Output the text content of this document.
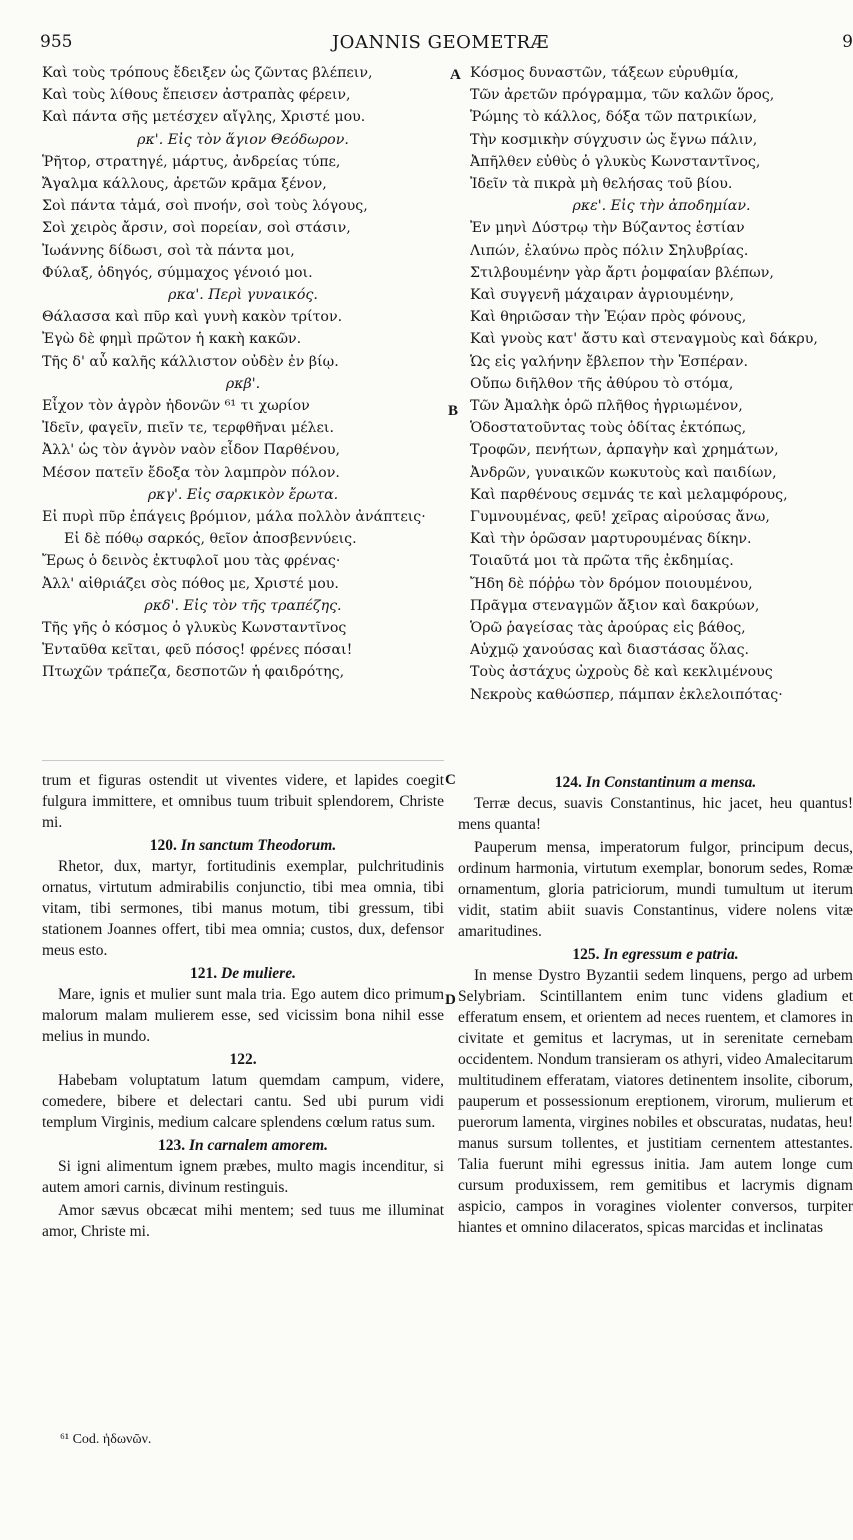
955	JOANNIS GEOMETRÆ	9
A
B
C
D
Καὶ τοὺς τρόπους ἔδειξεν ὡς ζῶντας βλέπειν,
Καὶ τοὺς λίθους ἔπεισεν ἀστραπὰς φέρειν,
Καὶ πάντα σῆς μετέσχεν αἴγλης, Χριστέ μου.
ρκ'. Εἰς τὸν ἅγιον Θεόδωρον.
Ῥῆτορ, στρατηγέ, μάρτυς, ἀνδρείας τύπε,
Ἄγαλμα κάλλους, ἀρετῶν κρᾶμα ξένον,
Σοὶ πάντα τἀμά, σοὶ πνοήν, σοὶ τοὺς λόγους,
Σοὶ χειρὸς ἄρσιν, σοὶ πορείαν, σοὶ στάσιν,
Ἰωάννης δίδωσι, σοὶ τὰ πάντα μοι,
Φύλαξ, ὁδηγός, σύμμαχος γένοιό μοι.
ρκα'. Περὶ γυναικός.
Θάλασσα καὶ πῦρ καὶ γυνὴ κακὸν τρίτον.
Ἐγὼ δὲ φημὶ πρῶτον ἡ κακὴ κακῶν.
Τῆς δ' αὖ καλῆς κάλλιστον οὐδὲν ἐν βίῳ.
ρκβ'.
Εἶχον τὸν ἀγρὸν ἡδονῶν ⁶¹ τι χωρίον
Ἰδεῖν, φαγεῖν, πιεῖν τε, τερφθῆναι μέλει.
Ἀλλ' ὡς τὸν ἁγνὸν ναὸν εἶδον Παρθένου,
Μέσον πατεῖν ἔδοξα τὸν λαμπρὸν πόλον.
ρκγ'. Εἰς σαρκικὸν ἔρωτα.
Εἰ πυρὶ πῦρ ἐπάγεις βρόμιον, μάλα πολλὸν ἀνάπτεις·
Εἰ δὲ πόθῳ σαρκός, θεῖον ἀποσβεννύεις.
Ἔρως ὁ δεινὸς ἐκτυφλοῖ μου τὰς φρένας·
Ἀλλ' αἰθριάζει σὸς πόθος με, Χριστέ μου.
ρκδ'. Εἰς τὸν τῆς τραπέζης.
Τῆς γῆς ὁ κόσμος ὁ γλυκὺς Κωνσταντῖνος
Ἐνταῦθα κεῖται, φεῦ πόσος! φρένες πόσαι!
Πτωχῶν τράπεζα, δεσποτῶν ἡ φαιδρότης,
Κόσμος δυναστῶν, τάξεων εὐρυθμία,
Τῶν ἀρετῶν πρόγραμμα, τῶν καλῶν ὅρος,
Ῥώμης τὸ κάλλος, δόξα τῶν πατρικίων,
Τὴν κοσμικὴν σύγχυσιν ὡς ἔγνω πάλιν,
Ἀπῆλθεν εὐθὺς ὁ γλυκὺς Κωνσταντῖνος,
Ἰδεῖν τὰ πικρὰ μὴ θελήσας τοῦ βίου.
ρκε'. Εἰς τὴν ἀποδημίαν.
Ἐν μηνὶ Δύστρῳ τὴν Βύζαντος ἑστίαν
Λιπών, ἐλαύνω πρὸς πόλιν Σηλυβρίας.
Στιλβουμένην γὰρ ἄρτι ῥομφαίαν βλέπων,
Καὶ συγγενῆ μάχαιραν ἀγριουμένην,
Καὶ θηριῶσαν τὴν Ἑῴαν πρὸς φόνους,
Καὶ γνοὺς κατ' ἄστυ καὶ στεναγμοὺς καὶ δάκρυ,
Ὡς εἰς γαλήνην ἔβλεπον τὴν Ἑσπέραν.
Οὔπω διῆλθον τῆς ἀθύρου τὸ στόμα,
Τῶν Ἀμαλὴκ ὁρῶ πλῆθος ἠγριωμένον,
Ὁδοστατοῦντας τοὺς ὁδίτας ἐκτόπως,
Τροφῶν, πενήτων, ἁρπαγὴν καὶ χρημάτων,
Ἀνδρῶν, γυναικῶν κωκυτοὺς καὶ παιδίων,
Καὶ παρθένους σεμνάς τε καὶ μελαμφόρους,
Γυμνουμένας, φεῦ! χεῖρας αἰρούσας ἄνω,
Καὶ τὴν ὁρῶσαν μαρτυρουμένας δίκην.
Τοιαῦτά μοι τὰ πρῶτα τῆς ἐκδημίας.
Ἤδη δὲ πόῤῥω τὸν δρόμον ποιουμένου,
Πρᾶγμα στεναγμῶν ἄξιον καὶ δακρύων,
Ὁρῶ ῥαγείσας τὰς ἀρούρας εἰς βάθος,
Αὐχμῷ χανούσας καὶ διαστάσας ὅλας.
Τοὺς ἀστάχυς ὠχροὺς δὲ καὶ κεκλιμένους
Νεκροὺς καθώσπερ, πάμπαν ἐκλελοιπότας·

trum et figuras ostendit ut viventes videre, et lapides coegit fulgura immittere, et omnibus tuum tribuit splendorem, Christe mi.

120. In sanctum Theodorum.

Rhetor, dux, martyr, fortitudinis exemplar, pulchritudinis ornatus, virtutum admirabilis conjunctio, tibi mea omnia, tibi vitam, tibi sermones, tibi manus motum, tibi gressum, tibi stationem Joannes offert, tibi mea omnia; custos, dux, defensor meus esto.

121. De muliere.

Mare, ignis et mulier sunt mala tria. Ego autem dico primum malorum malam mulierem esse, sed vicissim bona nihil esse melius in mundo.

122.

Habebam voluptatum latum quemdam campum, videre, comedere, bibere et delectari cantu. Sed ubi purum vidi templum Virginis, medium calcare splendens cœlum ratus sum.

123. In carnalem amorem.

Si igni alimentum ignem præbes, multo magis incenditur, si autem amori carnis, divinum restinguis.

Amor sævus obcæcat mihi mentem; sed tuus me illuminat amor, Christe mi.

124. In Constantinum a mensa.

Terræ decus, suavis Constantinus, hic jacet, heu quantus! mens quanta!

Pauperum mensa, imperatorum fulgor, principum decus, ordinum harmonia, virtutum exemplar, bonorum sedes, Romæ ornamentum, gloria patriciorum, mundi tumultum ut iterum vidit, statim abiit suavis Constantinus, videre nolens vitæ amaritudines.

125. In egressum e patria.

In mense Dystro Byzantii sedem linquens, pergo ad urbem Selybriam. Scintillantem enim tunc videns gladium et efferatum ensem, et orientem ad neces ruentem, et clamores in civitate et gemitus et lacrymas, ut in serenitate cernebam occidentem. Nondum transieram os athyri, video Amalecitarum multitudinem efferatam, viatores detinentem insolite, ciborum, pauperum et possessionum ereptionem, virorum, mulierum et puerorum lamenta, virgines nobiles et obscuratas, nudatas, heu! manus sursum tollentes, et justitiam cernentem attestantes. Talia fuerunt mihi egressus initia. Jam autem longe cum cursum produxissem, rem gemitibus et lacrymis dignam aspicio, campos in voragines violenter conversos, turpiter hiantes et omnino dilaceratos, spicas marcidas et inclinatas

⁶¹ Cod. ἡδωνῶν.
